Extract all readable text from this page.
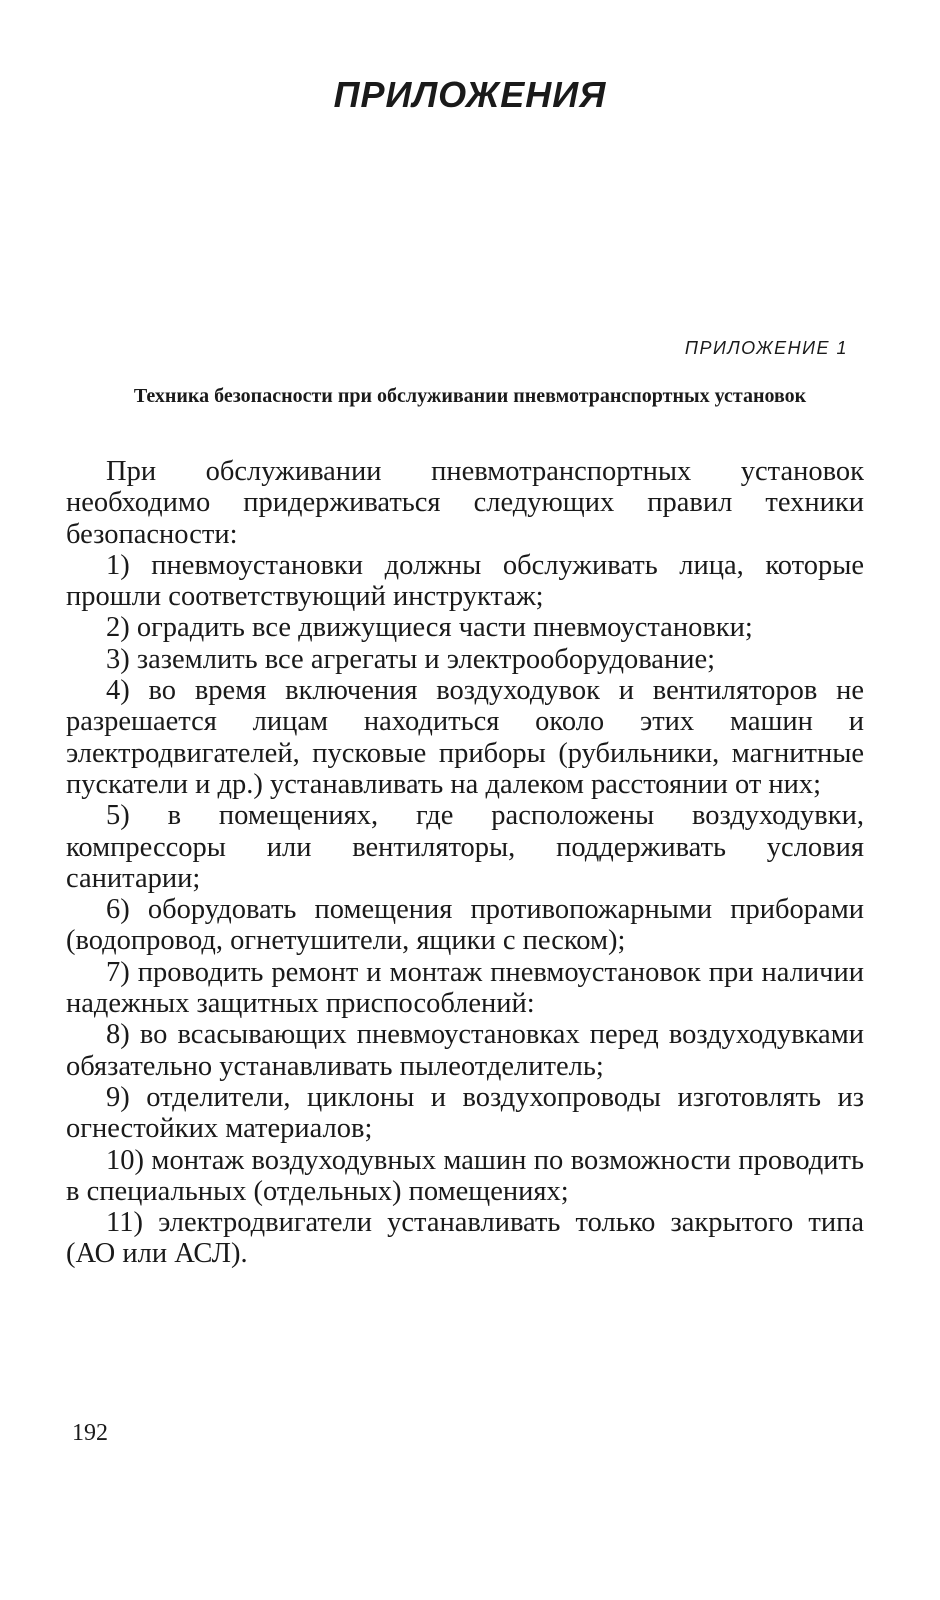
ПРИЛОЖЕНИЯ

ПРИЛОЖЕНИЕ 1

Техника безопасности при обслуживании пневмотранспортных установок

При обслуживании пневмотранспортных установок необходимо придерживаться следующих правил техники безопасности:

1) пневмоустановки должны обслуживать лица, которые прошли соответствующий инструктаж;

2) оградить все движущиеся части пневмоустановки;

3) заземлить все агрегаты и электрооборудование;

4) во время включения воздуходувок и вентиляторов не разрешается лицам находиться около этих машин и электродвигателей, пусковые приборы (рубильники, магнитные пускатели и др.) устанавливать на далеком расстоянии от них;

5) в помещениях, где расположены воздуходувки, компрессоры или вентиляторы, поддерживать условия санитарии;

6) оборудовать помещения противопожарными приборами (водопровод, огнетушители, ящики с песком);

7) проводить ремонт и монтаж пневмоустановок при наличии надежных защитных приспособлений:

8) во всасывающих пневмоустановках перед воздуходувками обязательно устанавливать пылеотделитель;

9) отделители, циклоны и воздухопроводы изготовлять из огнестойких материалов;

10) монтаж воздуходувных машин по возможности проводить в специальных (отдельных) помещениях;

11) электродвигатели устанавливать только закрытого типа (АО или АСЛ).

192
